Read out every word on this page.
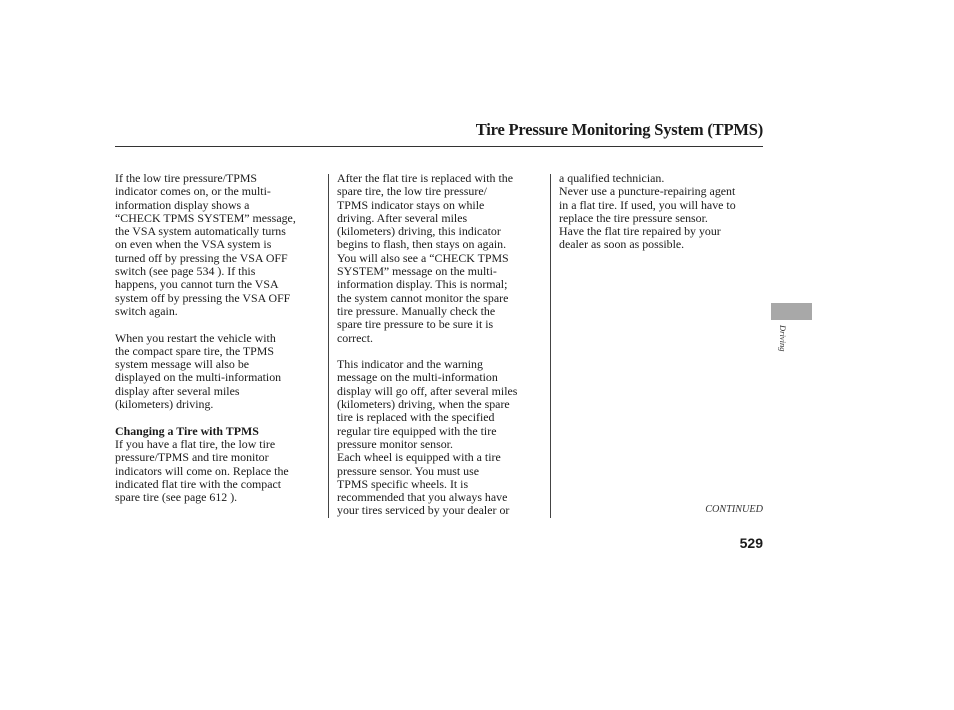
Tire Pressure Monitoring System (TPMS)

If the low tire pressure/TPMS
indicator comes on, or the multi-
information display shows a
“CHECK TPMS SYSTEM” message,
the VSA system automatically turns
on even when the VSA system is
turned off by pressing the VSA OFF
switch (see page 534 ). If this
happens, you cannot turn the VSA
system off by pressing the VSA OFF
switch again.

When you restart the vehicle with
the compact spare tire, the TPMS
system message will also be
displayed on the multi-information
display after several miles
(kilometers) driving.

Changing a Tire with TPMS

If you have a flat tire, the low tire
pressure/TPMS and tire monitor
indicators will come on. Replace the
indicated flat tire with the compact
spare tire (see page 612 ).

After the flat tire is replaced with the
spare tire, the low tire pressure/
TPMS indicator stays on while
driving. After several miles
(kilometers) driving, this indicator
begins to flash, then stays on again.
You will also see a “CHECK TPMS
SYSTEM” message on the multi-
information display. This is normal;
the system cannot monitor the spare
tire pressure. Manually check the
spare tire pressure to be sure it is
correct.

This indicator and the warning
message on the multi-information
display will go off, after several miles
(kilometers) driving, when the spare
tire is replaced with the specified
regular tire equipped with the tire
pressure monitor sensor.

Each wheel is equipped with a tire
pressure sensor. You must use
TPMS specific wheels. It is
recommended that you always have
your tires serviced by your dealer or

a qualified technician.

Never use a puncture-repairing agent
in a flat tire. If used, you will have to
replace the tire pressure sensor.
Have the flat tire repaired by your
dealer as soon as possible.

Driving
CONTINUED
529
